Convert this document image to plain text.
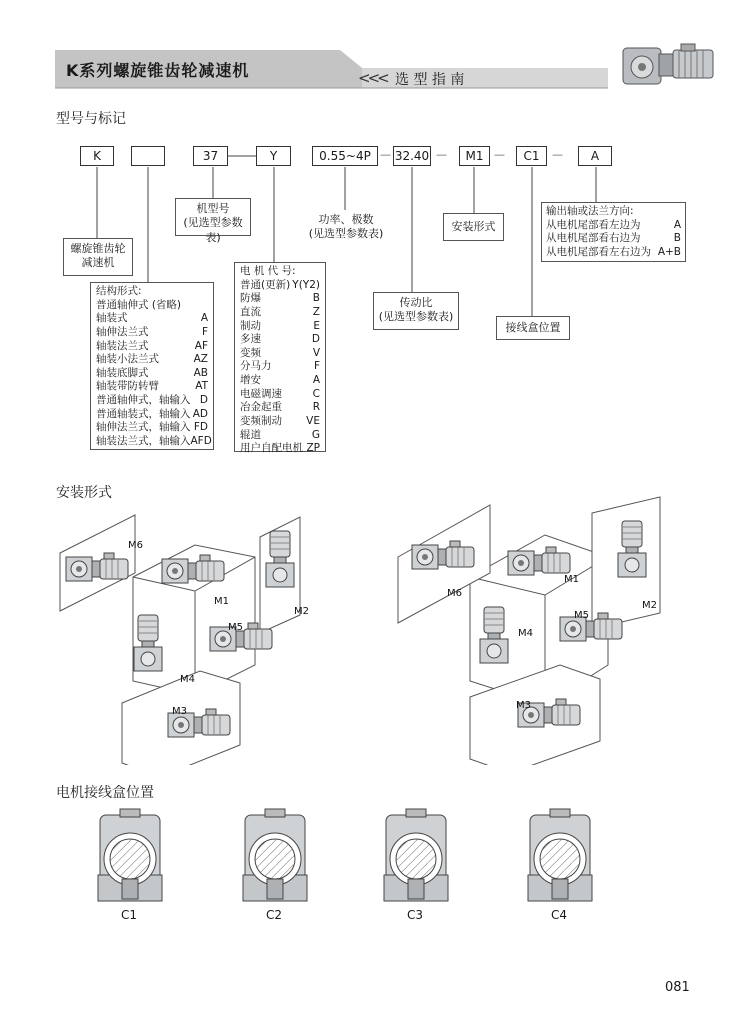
K系列螺旋锥齿轮减速机	<<< 选 型 指 南
型号与标记
K	37	Y	0.55~4P — 32.40 —	M1 —	C1	—	A
机型号
(见选型参数表)
螺旋锥齿轮
减速机
功率、极数
(见选型参数表)
安装形式
传动比
(见选型参数表)
接线盒位置
输出轴或法兰方向:
从电机尾部看左边为	A
从电机尾部看右边为	B
从电机尾部看左右边为 A+B
结构形式:
普通轴伸式 (省略)
轴装式	A
轴伸法兰式	F
轴装法兰式	AF
轴装小法兰式	AZ
轴装底脚式	AB
轴装带防转臂	AT
普通轴伸式，轴输入 D
普通轴装式，轴输入 AD
轴伸法兰式，轴输入 FD
轴装法兰式，轴输入 AFD
电 机 代 号:
普通(更新) Y(Y2)
防爆	B
直流	Z
制动	E
多速	D
变频	V
分马力	F
增安	A
电磁调速	C
冶金起重	R
变频制动 VE
辊道	G
用户自配电机 ZP
安装形式
M6
M1
M2
M5
M4
M3
M6
M1
M2
M5
M4
M3
电机接线盒位置
C1	C2	C3	C4
081
